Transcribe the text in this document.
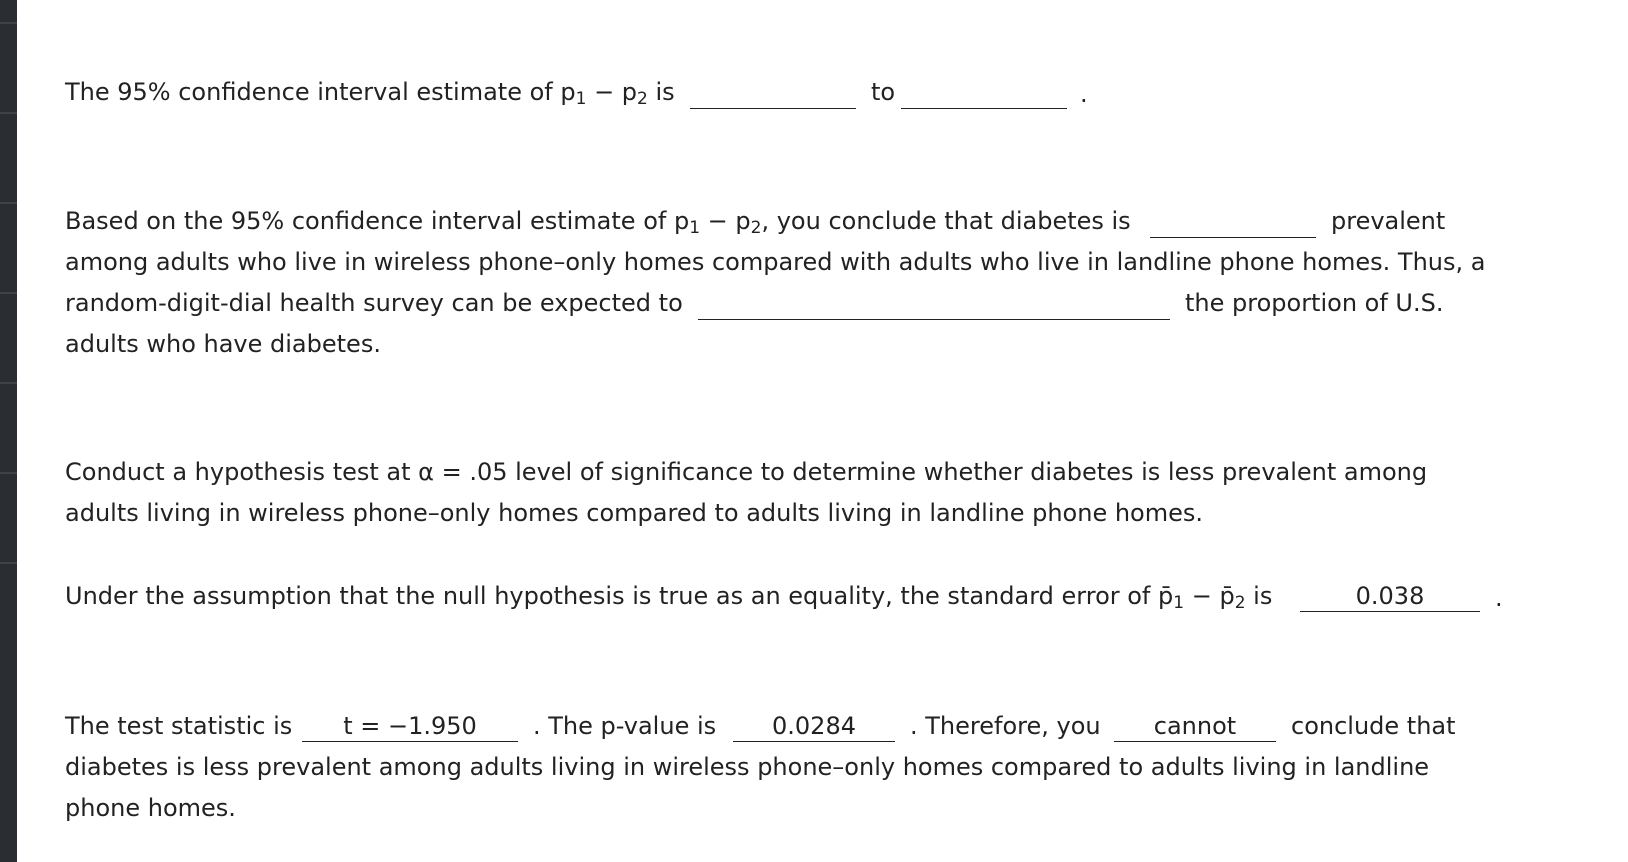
The 95% confidence interval estimate of $p_1 - p_2$ is	to	.
Based on the 95% confidence interval estimate of $p_1 - p_2$, you conclude that diabetes is	prevalent
among adults who live in wireless phone–only homes compared with adults who live in landline phone homes. Thus, a
random-digit-dial health survey can be expected to	the proportion of U.S.
adults who have diabetes.
Conduct a hypothesis test at α = .05 level of significance to determine whether diabetes is less prevalent among
adults living in wireless phone–only homes compared to adults living in landline phone homes.
Under the assumption that the null hypothesis is true as an equality, the standard error of $p̄_1$ − $p̄_2$ is	0.038	.
The test statistic is	t = −1.950	. The p-value is	0.0284	. Therefore, you	cannot	conclude that
diabetes is less prevalent among adults living in wireless phone–only homes compared to adults living in landline
phone homes.
